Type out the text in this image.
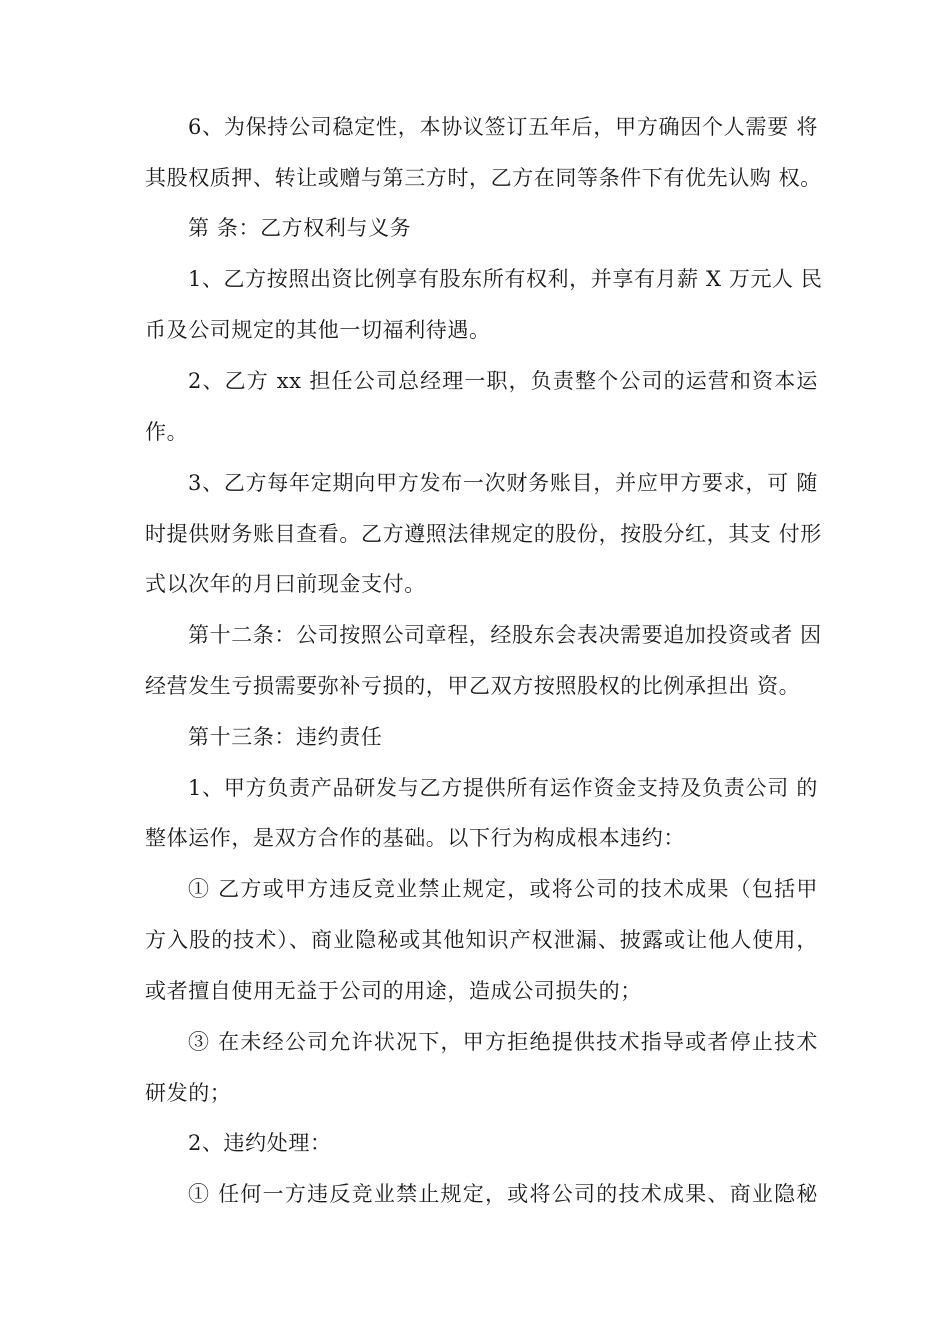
6、为保持公司稳定性，本协议签订五年后，甲方确因个人需要 将
其股权质押、转让或赠与第三方时，乙方在同等条件下有优先认购 权。
第 条：乙方权利与义务
1、乙方按照出资比例享有股东所有权利，并享有月薪 X 万元人 民
币及公司规定的其他一切福利待遇。
2、乙方 xx 担任公司总经理一职，负责整个公司的运营和资本运
作。
3、乙方每年定期向甲方发布一次财务账目，并应甲方要求，可 随
时提供财务账目查看。乙方遵照法律规定的股份，按股分红，其支 付形
式以次年的月曰前现金支付。
第十二条：公司按照公司章程，经股东会表决需要追加投资或者 因
经营发生亏损需要弥补亏损的，甲乙双方按照股权的比例承担出 资。
第十三条：违约责任
1、甲方负责产品研发与乙方提供所有运作资金支持及负责公司 的
整体运作，是双方合作的基础。以下行为构成根本违约：
① 乙方或甲方违反竞业禁止规定，或将公司的技术成果（包括甲
方入股的技术）、商业隐秘或其他知识产权泄漏、披露或让他人使用，
或者擅自使用无益于公司的用途，造成公司损失的；
③ 在未经公司允许状况下，甲方拒绝提供技术指导或者停止技术
研发的；
2、违约处理：
① 任何一方违反竞业禁止规定，或将公司的技术成果、商业隐秘
